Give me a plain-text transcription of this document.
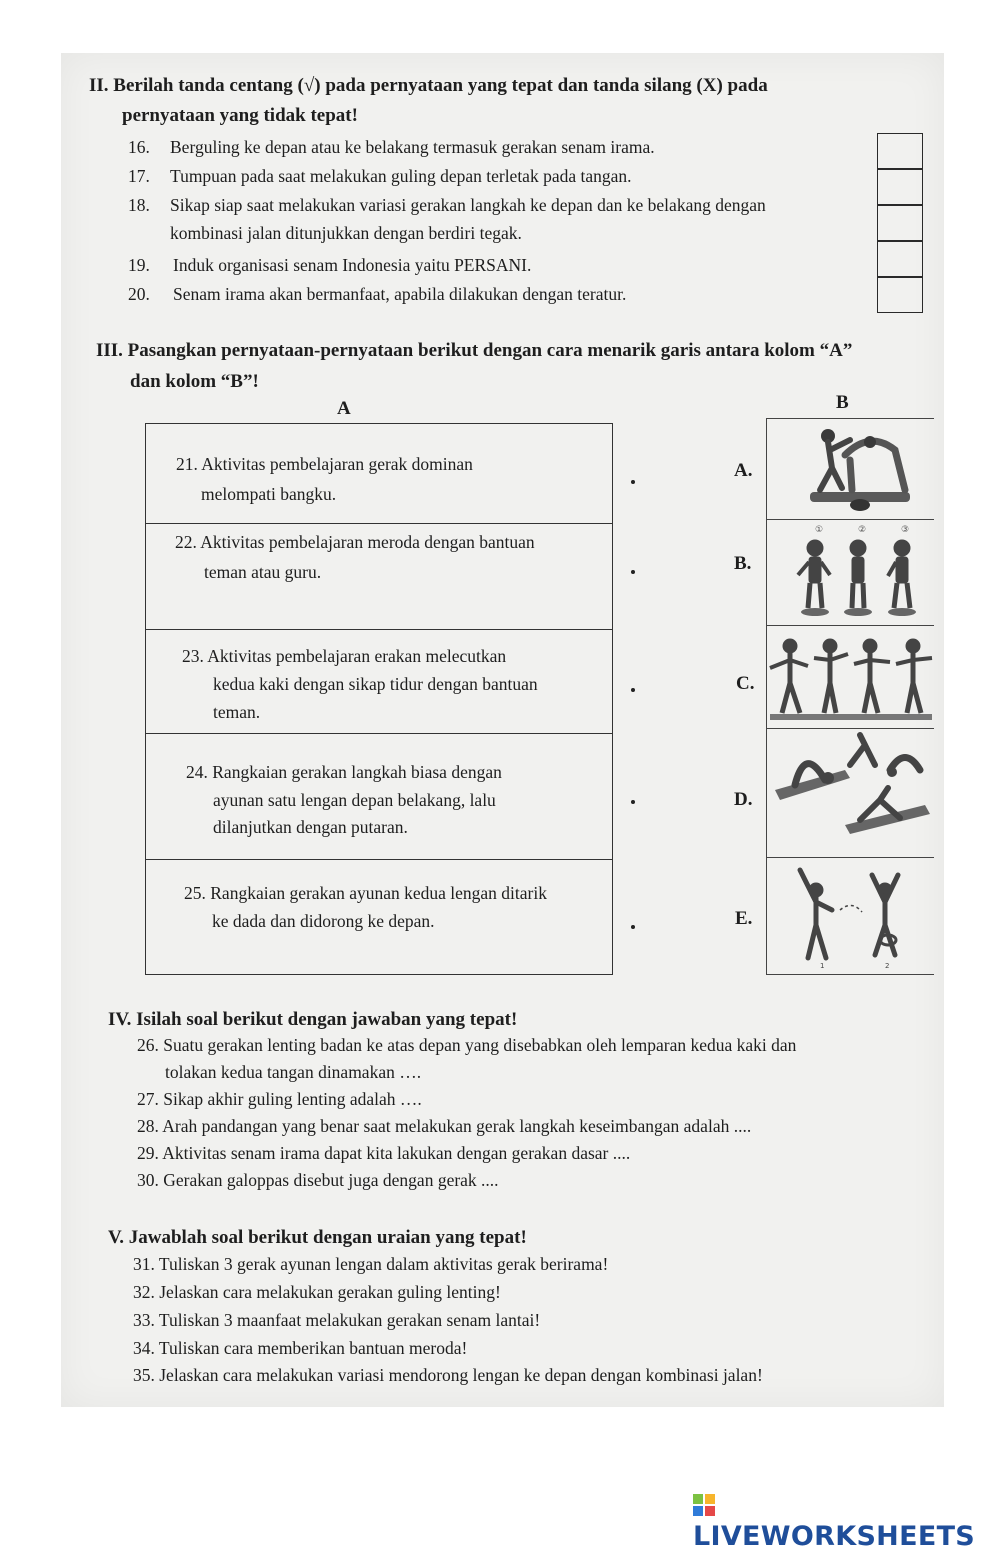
II. Berilah tanda centang (√) pada pernyataan yang tepat dan tanda silang (X) pada
pernyataan yang tidak tepat!
16. Berguling ke depan atau ke belakang termasuk gerakan senam irama.
17. Tumpuan pada saat melakukan guling depan terletak pada tangan.
18. Sikap siap saat melakukan variasi gerakan langkah ke depan dan ke belakang dengan
kombinasi jalan ditunjukkan dengan berdiri tegak.
19. Induk organisasi senam Indonesia yaitu PERSANI.
20. Senam irama akan bermanfaat, apabila dilakukan dengan teratur.
III. Pasangkan pernyataan-pernyataan berikut dengan cara menarik garis antara kolom “A”
dan kolom “B”!
A	B
21. Aktivitas pembelajaran gerak dominan
melompati bangku.
22. Aktivitas pembelajaran meroda dengan bantuan
teman atau guru.
23. Aktivitas pembelajaran erakan melecutkan
kedua kaki dengan sikap tidur dengan bantuan
teman.
24. Rangkaian gerakan langkah biasa dengan
ayunan satu lengan depan belakang, lalu
dilanjutkan dengan putaran.
25. Rangkaian gerakan ayunan kedua lengan ditarik
ke dada dan didorong ke depan.
A.
B.
C.
D.
E.
①	②	③
1	2
IV. Isilah soal berikut dengan jawaban yang tepat!
26. Suatu gerakan lenting badan ke atas depan yang disebabkan oleh lemparan kedua kaki dan
tolakan kedua tangan dinamakan ….
27. Sikap akhir guling lenting adalah ….
28. Arah pandangan yang benar saat melakukan gerak langkah keseimbangan adalah ....
29. Aktivitas senam irama dapat kita lakukan dengan gerakan dasar ....
30. Gerakan galoppas disebut juga dengan gerak ....
V. Jawablah soal berikut dengan uraian yang tepat!
31. Tuliskan 3 gerak ayunan lengan dalam aktivitas gerak berirama!
32. Jelaskan cara melakukan gerakan guling lenting!
33. Tuliskan 3 maanfaat melakukan gerakan senam lantai!
34. Tuliskan cara memberikan bantuan meroda!
35. Jelaskan cara melakukan variasi mendorong lengan ke depan dengan kombinasi jalan!
LIVEWORKSHEETS
